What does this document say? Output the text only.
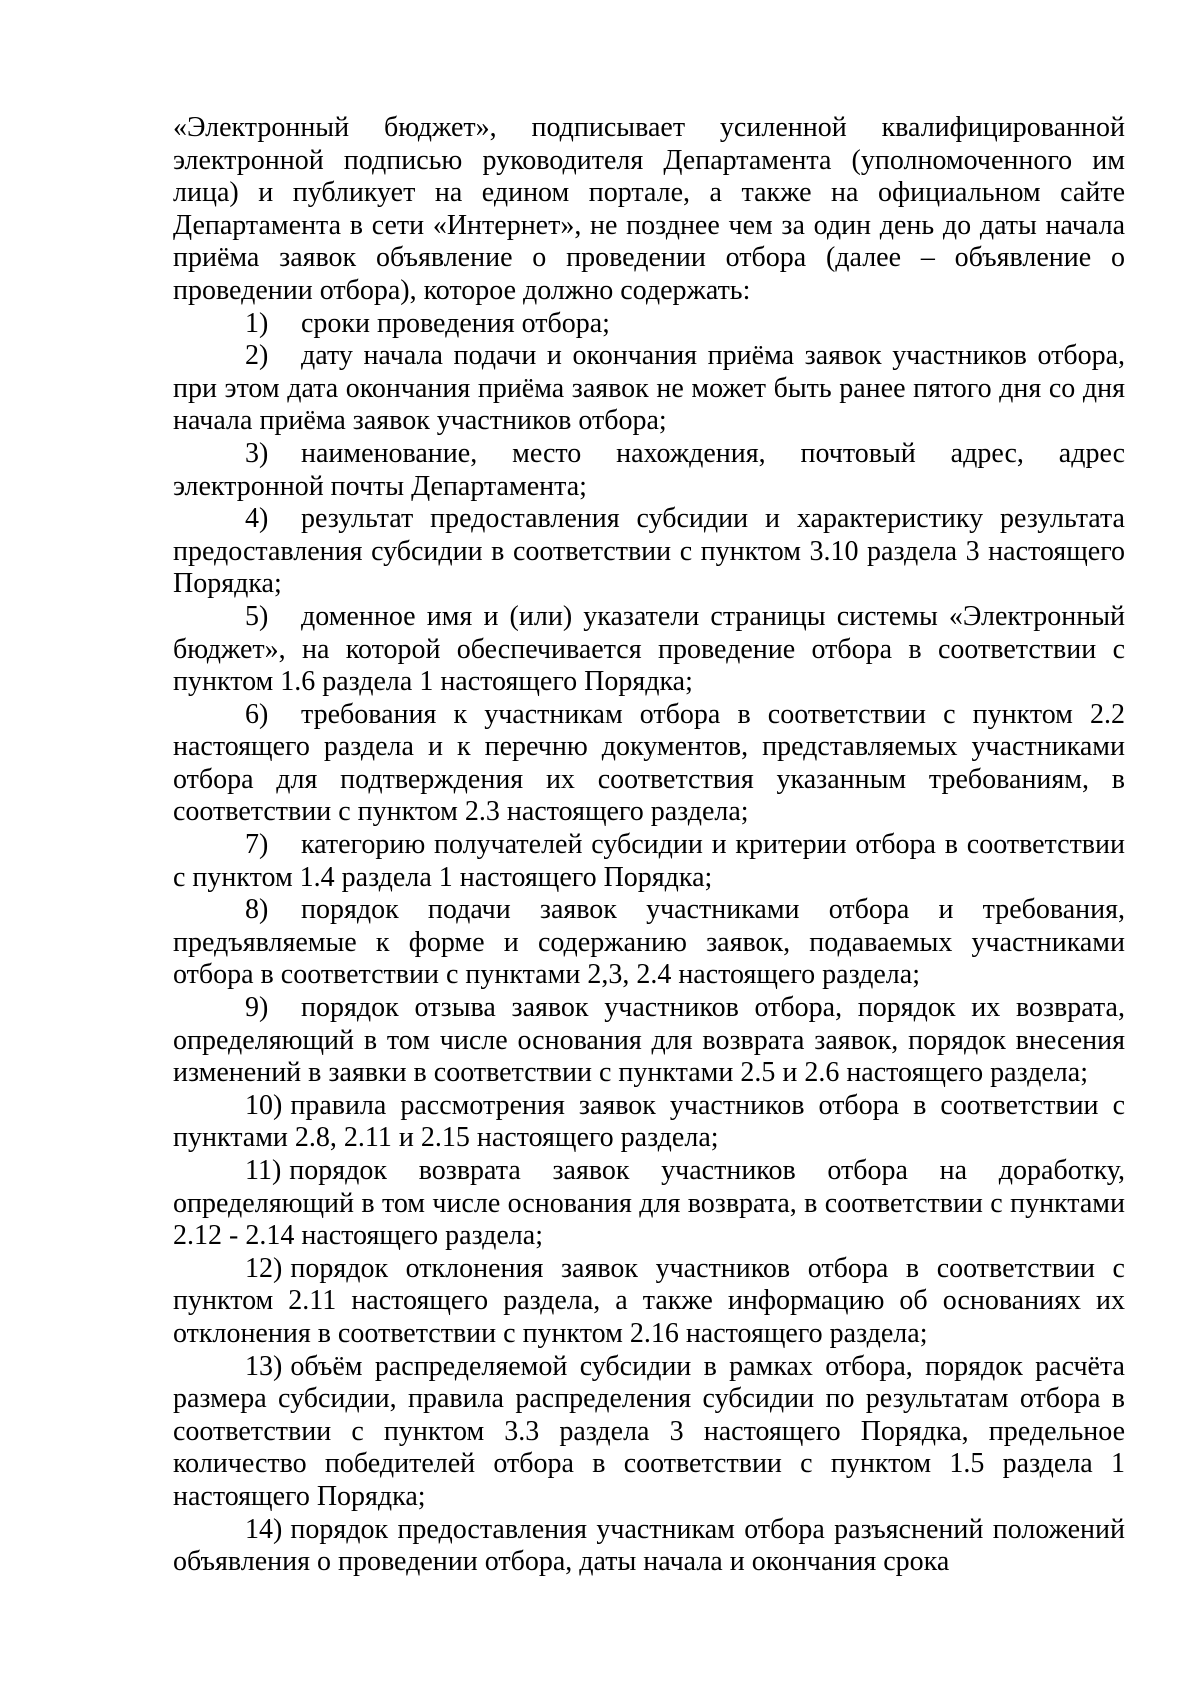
«Электронный бюджет», подписывает усиленной квалифицированной электронной подписью руководителя Департамента (уполномоченного им лица) и публикует на едином портале, а также на официальном сайте Департамента в сети «Интернет», не позднее чем за один день до даты начала приёма заявок объявление о проведении отбора (далее – объявление о проведении отбора), которое должно содержать:

1) сроки проведения отбора;

2) дату начала подачи и окончания приёма заявок участников отбора, при этом дата окончания приёма заявок не может быть ранее пятого дня со дня начала приёма заявок участников отбора;

3) наименование, место нахождения, почтовый адрес, адрес электронной почты Департамента;

4) результат предоставления субсидии и характеристику результата предоставления субсидии в соответствии с пунктом 3.10 раздела 3 настоящего Порядка;

5) доменное имя и (или) указатели страницы системы «Электронный бюджет», на которой обеспечивается проведение отбора в соответствии с пунктом 1.6 раздела 1 настоящего Порядка;

6) требования к участникам отбора в соответствии с пунктом 2.2 настоящего раздела и к перечню документов, представляемых участниками отбора для подтверждения их соответствия указанным требованиям, в соответствии с пунктом 2.3 настоящего раздела;

7) категорию получателей субсидии и критерии отбора в соответствии с пунктом 1.4 раздела 1 настоящего Порядка;

8) порядок подачи заявок участниками отбора и требования, предъявляемые к форме и содержанию заявок, подаваемых участниками отбора в соответствии с пунктами 2,3, 2.4 настоящего раздела;

9) порядок отзыва заявок участников отбора, порядок их возврата, определяющий в том числе основания для возврата заявок, порядок внесения изменений в заявки в соответствии с пунктами 2.5 и 2.6 настоящего раздела;

10) правила рассмотрения заявок участников отбора в соответствии с пунктами 2.8, 2.11 и 2.15 настоящего раздела;

11) порядок возврата заявок участников отбора на доработку, определяющий в том числе основания для возврата, в соответствии с пунктами 2.12 - 2.14 настоящего раздела;

12) порядок отклонения заявок участников отбора в соответствии с пунктом 2.11 настоящего раздела, а также информацию об основаниях их отклонения в соответствии с пунктом 2.16 настоящего раздела;

13) объём распределяемой субсидии в рамках отбора, порядок расчёта размера субсидии, правила распределения субсидии по результатам отбора в соответствии с пунктом 3.3 раздела 3 настоящего Порядка, предельное количество победителей отбора в соответствии с пунктом 1.5 раздела 1 настоящего Порядка;

14) порядок предоставления участникам отбора разъяснений положений объявления о проведении отбора, даты начала и окончания срока
